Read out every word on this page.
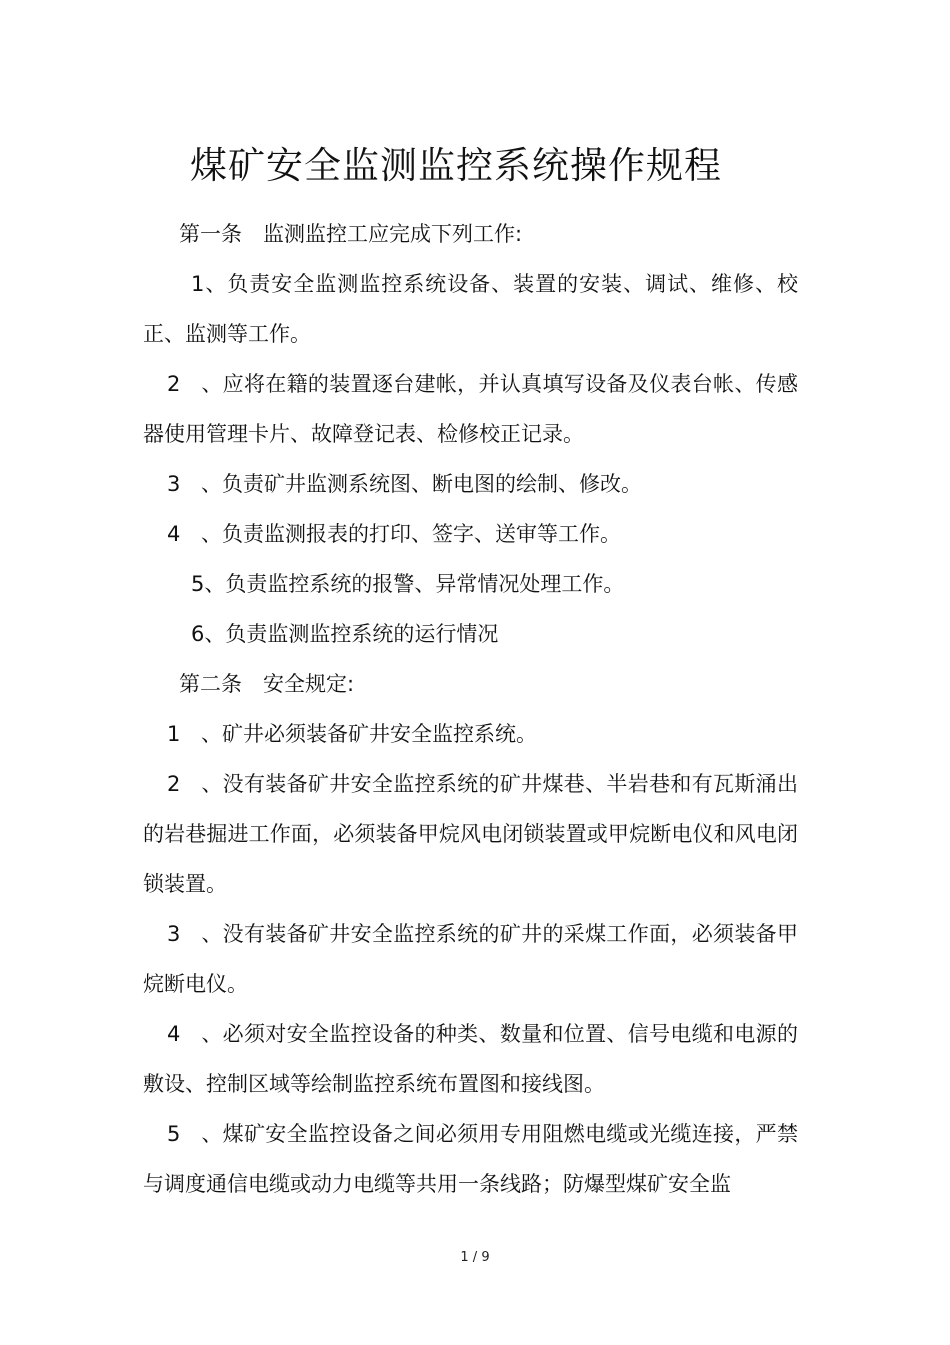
煤矿安全监测监控系统操作规程

第一条　监测监控工应完成下列工作:

1、负责安全监测监控系统设备、装置的安装、调试、维修、校正、监测等工作。

2 、应将在籍的装置逐台建帐，并认真填写设备及仪表台帐、传感器使用管理卡片、故障登记表、检修校正记录。

3 、负责矿井监测系统图、断电图的绘制、修改。

4 、负责监测报表的打印、签字、送审等工作。

5、负责监控系统的报警、异常情况处理工作。

6、负责监测监控系统的运行情况

第二条　安全规定:

1 、矿井必须装备矿井安全监控系统。

2 、没有装备矿井安全监控系统的矿井煤巷、半岩巷和有瓦斯涌出的岩巷掘进工作面，必须装备甲烷风电闭锁装置或甲烷断电仪和风电闭锁装置。

3 、没有装备矿井安全监控系统的矿井的采煤工作面，必须装备甲烷断电仪。

4 、必须对安全监控设备的种类、数量和位置、信号电缆和电源的敷设、控制区域等绘制监控系统布置图和接线图。

5 、煤矿安全监控设备之间必须用专用阻燃电缆或光缆连接，严禁与调度通信电缆或动力电缆等共用一条线路；防爆型煤矿安全监

1 / 9
